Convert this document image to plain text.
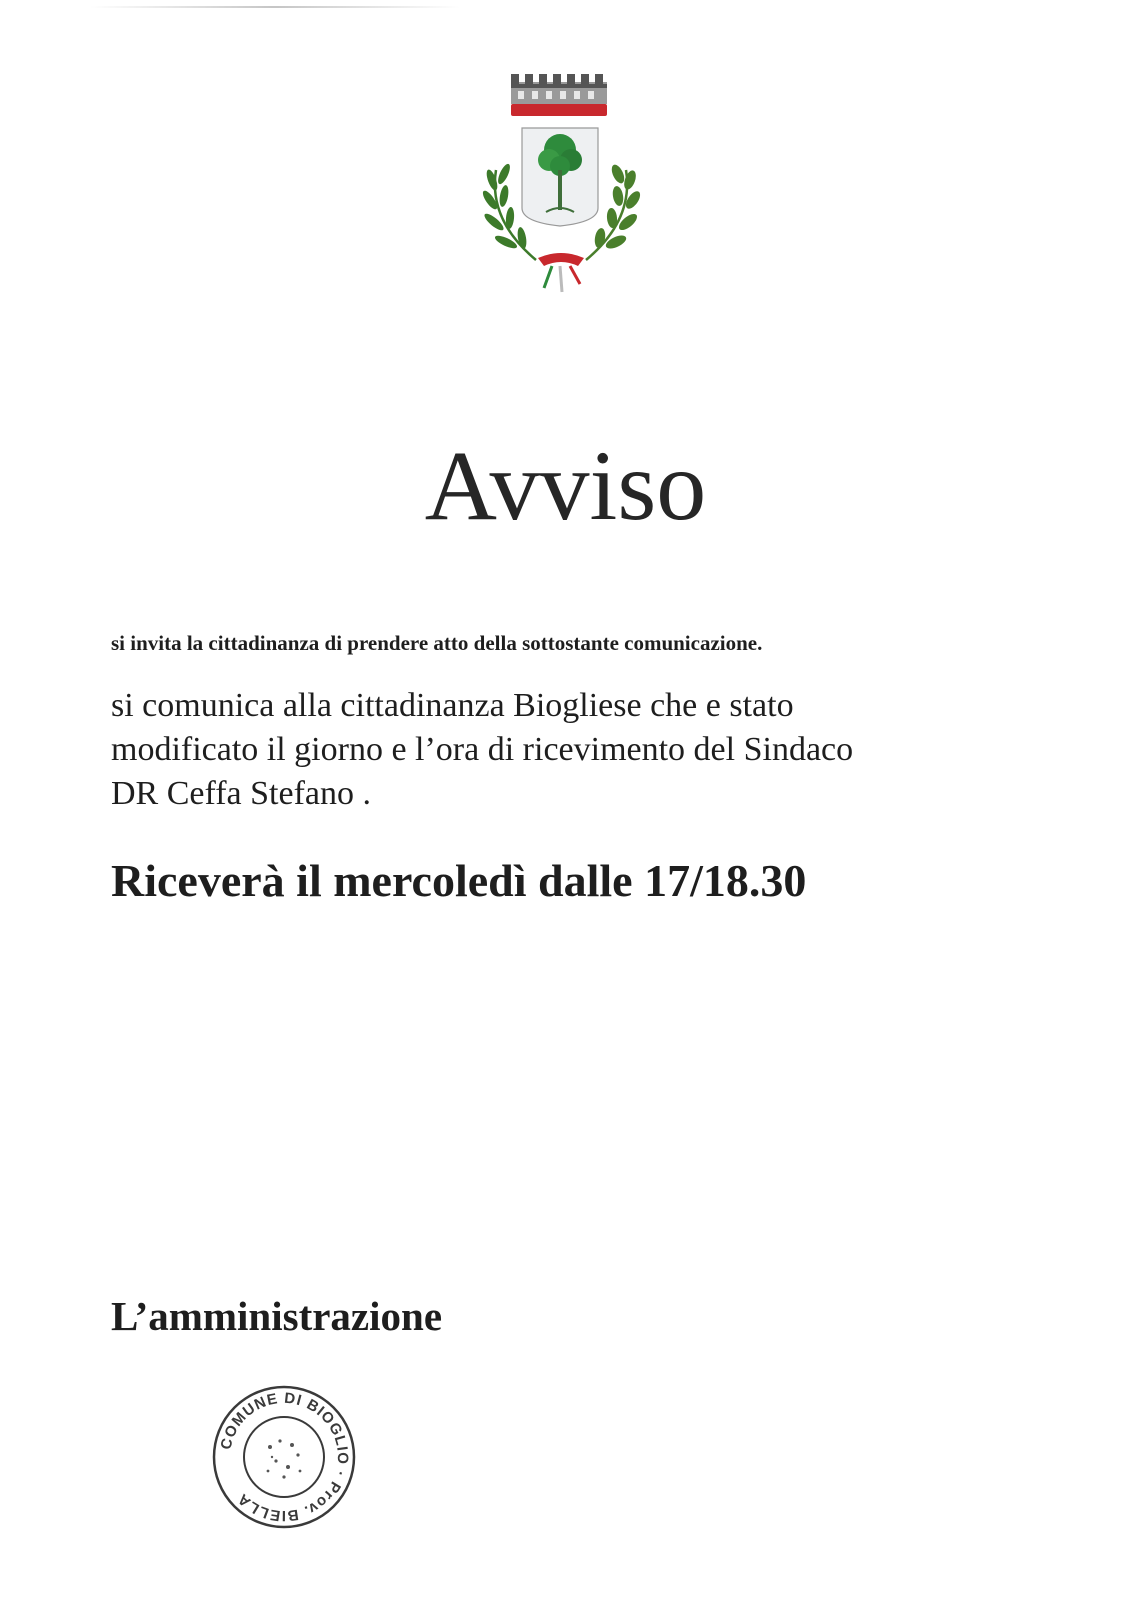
Avviso
si invita la cittadinanza di prendere atto della sottostante comunicazione.
si comunica alla cittadinanza Biogliese che e stato
modificato il giorno e l’ora di ricevimento del Sindaco
DR Ceffa Stefano .
Riceverà il mercoledì dalle 17/18.30
L’amministrazione
COMUNE DI BIOGLIO · Prov. BIELLA
